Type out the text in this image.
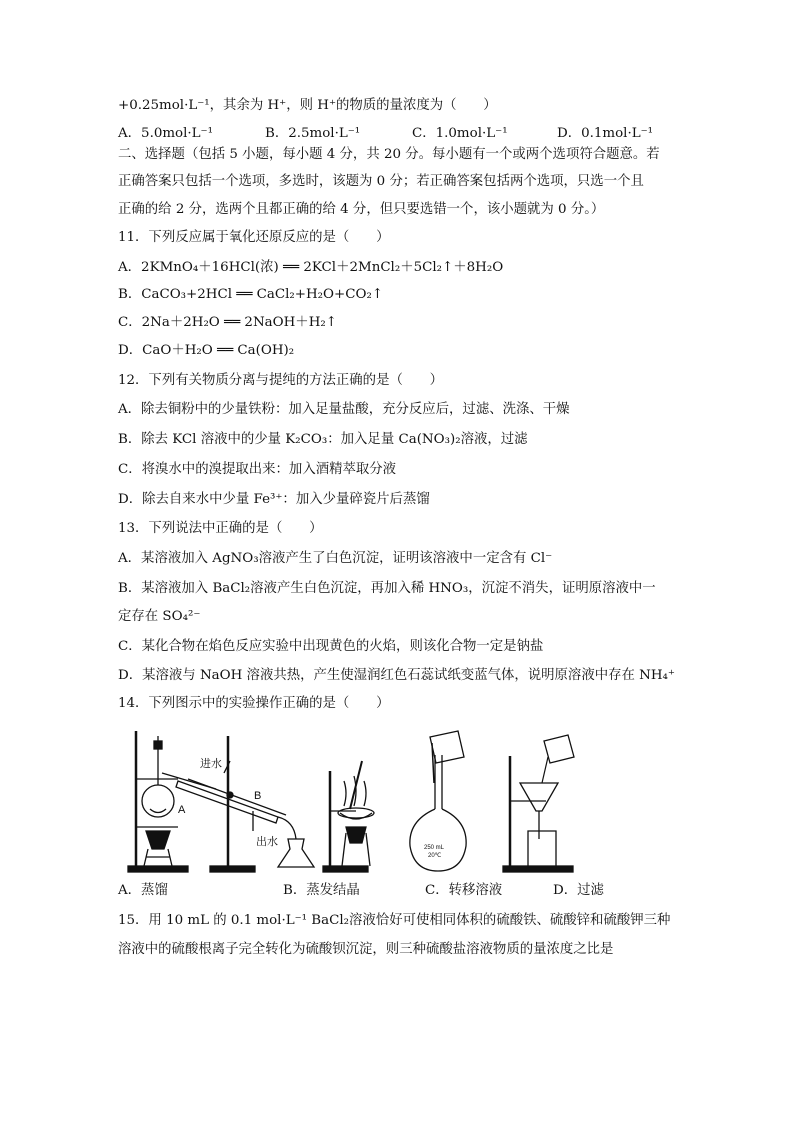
+0.25mol·L⁻¹，其余为 H⁺，则 H⁺的物质的量浓度为（　　）

A．5.0mol·L⁻¹	B．2.5mol·L⁻¹	C．1.0mol·L⁻¹	D．0.1mol·L⁻¹

二、选择题（包括 5 小题，每小题 4 分，共 20 分。每小题有一个或两个选项符合题意。若

正确答案只包括一个选项，多选时，该题为 0 分；若正确答案包括两个选项，只选一个且

正确的给 2 分，选两个且都正确的给 4 分，但只要选错一个，该小题就为 0 分。）

11．下列反应属于氧化还原反应的是（　　）

A．2KMnO₄＋16HCl(浓) ══ 2KCl＋2MnCl₂＋5Cl₂↑＋8H₂O

B．CaCO₃+2HCl ══ CaCl₂+H₂O+CO₂↑

C．2Na＋2H₂O ══ 2NaOH＋H₂↑

D．CaO＋H₂O ══ Ca(OH)₂

12．下列有关物质分离与提纯的方法正确的是（　　）

A．除去铜粉中的少量铁粉：加入足量盐酸，充分反应后，过滤、洗涤、干燥

B．除去 KCl 溶液中的少量 K₂CO₃：加入足量 Ca(NO₃)₂溶液，过滤

C．将溴水中的溴提取出来：加入酒精萃取分液

D．除去自来水中少量 Fe³⁺：加入少量碎瓷片后蒸馏

13．下列说法中正确的是（　　）

A．某溶液加入 AgNO₃溶液产生了白色沉淀，证明该溶液中一定含有 Cl⁻

B．某溶液加入 BaCl₂溶液产生白色沉淀，再加入稀 HNO₃，沉淀不消失，证明原溶液中一

定存在 SO₄²⁻

C．某化合物在焰色反应实验中出现黄色的火焰，则该化合物一定是钠盐

D．某溶液与 NaOH 溶液共热，产生使湿润红色石蕊试纸变蓝气体，说明原溶液中存在 NH₄⁺

14．下列图示中的实验操作正确的是（　　）

A
进水
B
出水	250 mL
20℃
A．蒸馏	B．蒸发结晶	C．转移溶液	D．过滤

15．用 10 mL 的 0.1 mol·L⁻¹ BaCl₂溶液恰好可使相同体积的硫酸铁、硫酸锌和硫酸钾三种

溶液中的硫酸根离子完全转化为硫酸钡沉淀，则三种硫酸盐溶液物质的量浓度之比是
